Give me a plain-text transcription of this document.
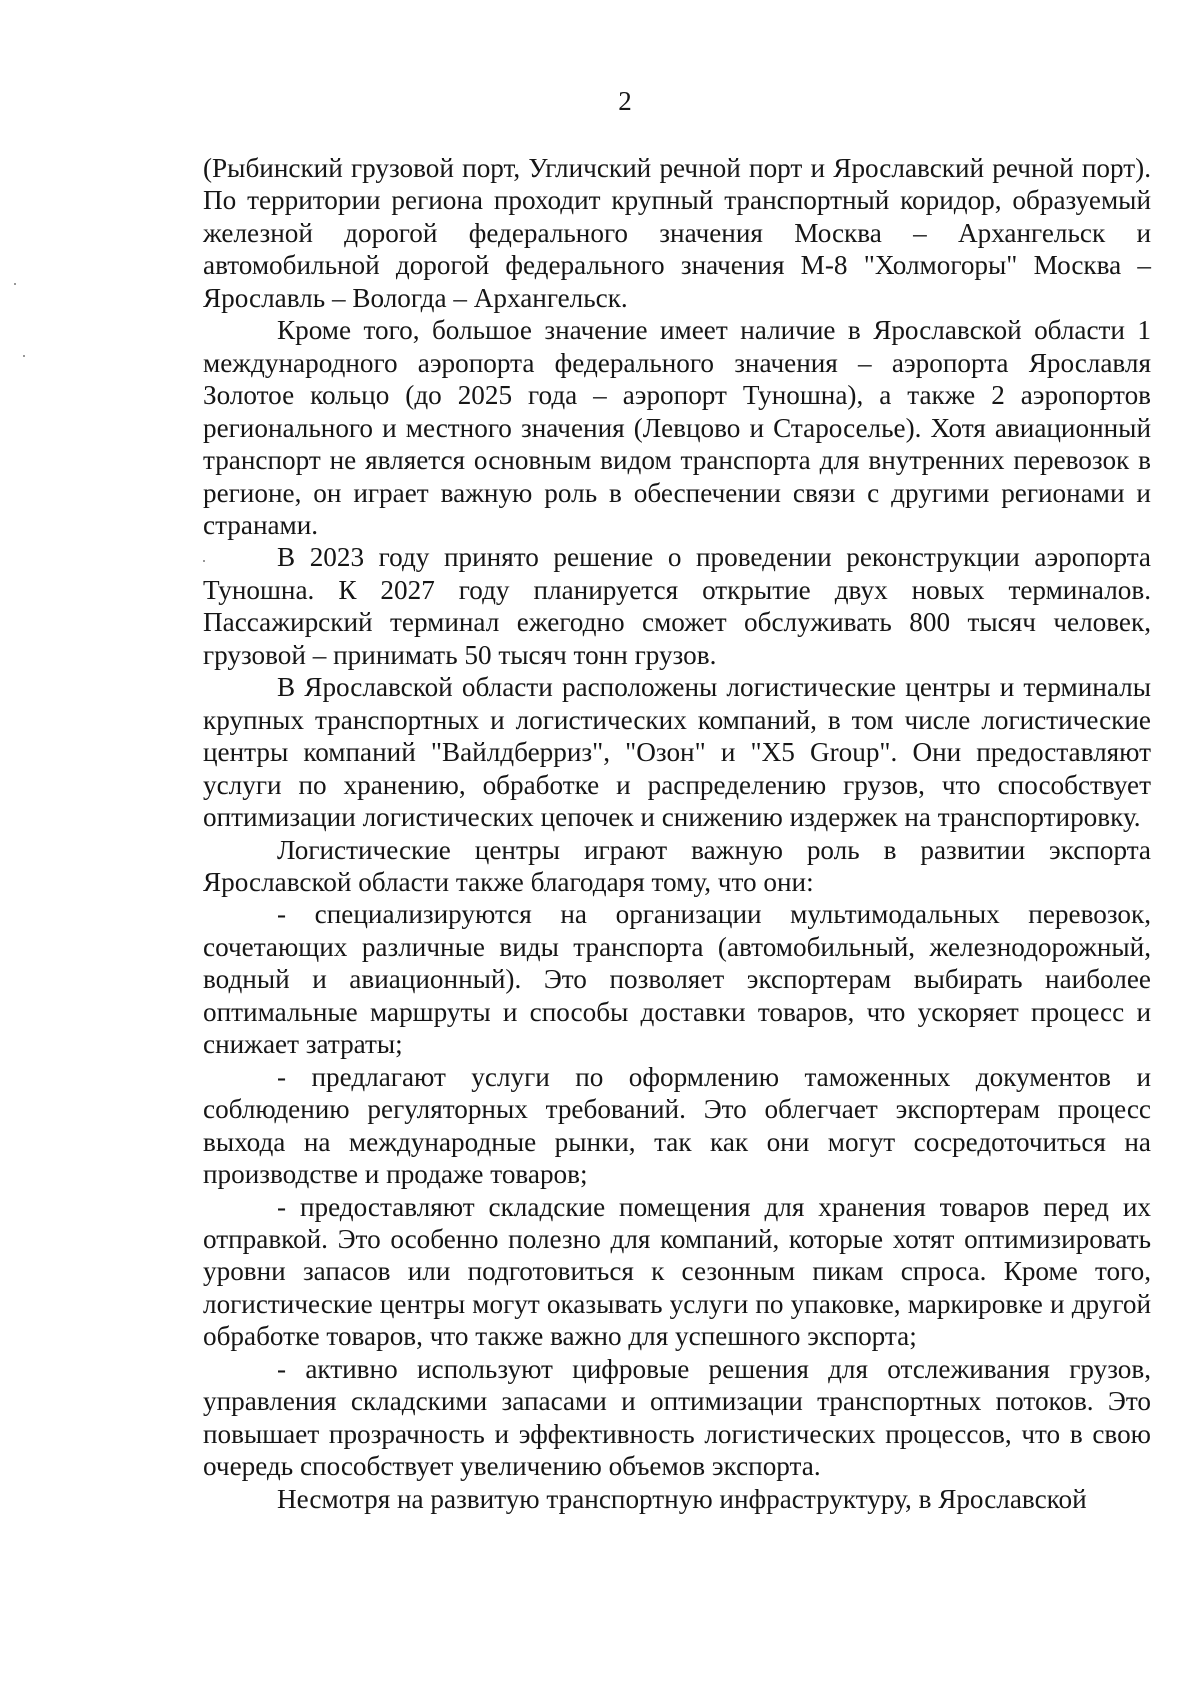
2

(Рыбинский грузовой порт, Угличский речной порт и Ярославский речной порт). По территории региона проходит крупный транспортный коридор, образуемый железной дорогой федерального значения Москва – Архангельск и автомобильной дорогой федерального значения М-8 "Холмогоры" Москва – Ярославль – Вологда – Архангельск.

Кроме того, большое значение имеет наличие в Ярославской области 1 международного аэропорта федерального значения – аэропорта Ярославля Золотое кольцо (до 2025 года – аэропорт Туношна), а также 2 аэропортов регионального и местного значения (Левцово и Староселье). Хотя авиационный транспорт не является основным видом транспорта для внутренних перевозок в регионе, он играет важную роль в обеспечении связи с другими регионами и странами.

В 2023 году принято решение о проведении реконструкции аэропорта Туношна. К 2027 году планируется открытие двух новых терминалов. Пассажирский терминал ежегодно сможет обслуживать 800 тысяч человек, грузовой – принимать 50 тысяч тонн грузов.

В Ярославской области расположены логистические центры и терминалы крупных транспортных и логистических компаний, в том числе логистические центры компаний "Вайлдберриз", "Озон" и "Х5 Group". Они предоставляют услуги по хранению, обработке и распределению грузов, что способствует оптимизации логистических цепочек и снижению издержек на транспортировку.

Логистические центры играют важную роль в развитии экспорта Ярославской области также благодаря тому, что они:

- специализируются на организации мультимодальных перевозок, сочетающих различные виды транспорта (автомобильный, железнодорожный, водный и авиационный). Это позволяет экспортерам выбирать наиболее оптимальные маршруты и способы доставки товаров, что ускоряет процесс и снижает затраты;

- предлагают услуги по оформлению таможенных документов и соблюдению регуляторных требований. Это облегчает экспортерам процесс выхода на международные рынки, так как они могут сосредоточиться на производстве и продаже товаров;

- предоставляют складские помещения для хранения товаров перед их отправкой. Это особенно полезно для компаний, которые хотят оптимизировать уровни запасов или подготовиться к сезонным пикам спроса. Кроме того, логистические центры могут оказывать услуги по упаковке, маркировке и другой обработке товаров, что также важно для успешного экспорта;

- активно используют цифровые решения для отслеживания грузов, управления складскими запасами и оптимизации транспортных потоков. Это повышает прозрачность и эффективность логистических процессов, что в свою очередь способствует увеличению объемов экспорта.

Несмотря на развитую транспортную инфраструктуру, в Ярославской
